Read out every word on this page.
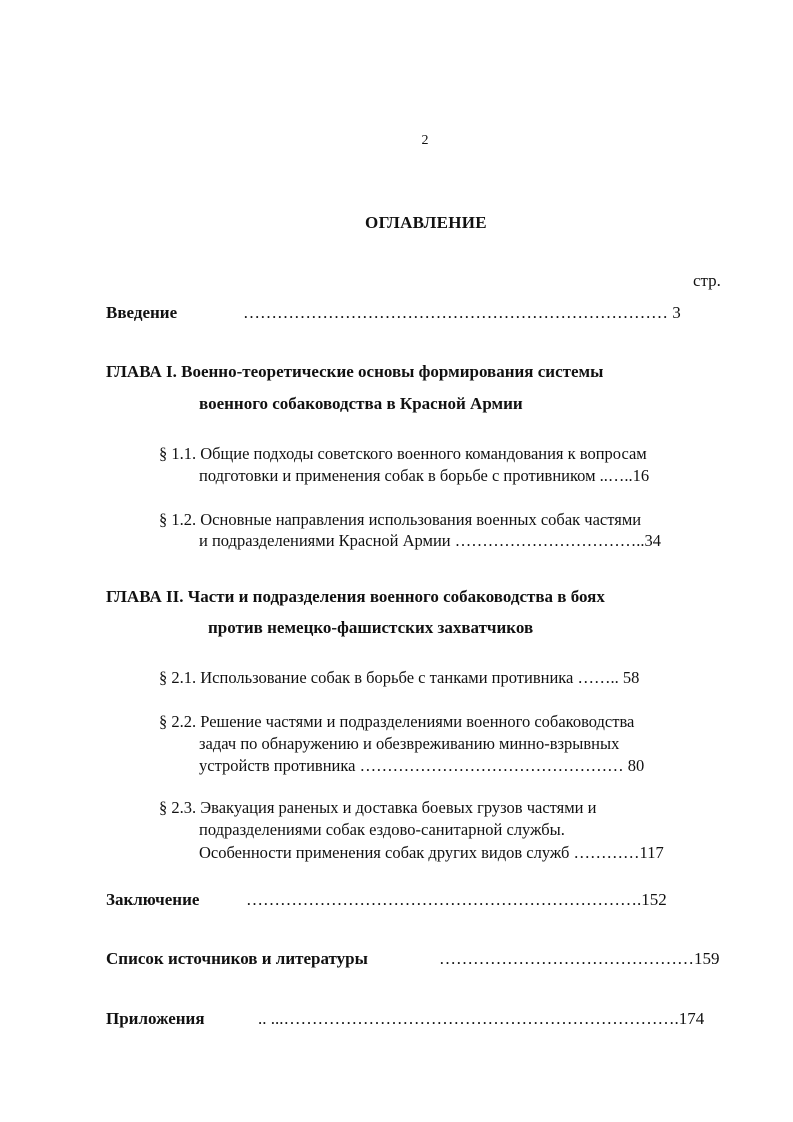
2
ОГЛАВЛЕНИЕ
стр.
Введение	………………………………………………………………… 3
ГЛАВА I. Военно-теоретические основы формирования системы
военного собаководства в Красной Армии
§ 1.1. Общие подходы советского военного командования к вопросам
подготовки и применения собак в борьбе с противником ..…..16
§ 1.2. Основные направления использования военных собак частями
и подразделениями Красной Армии ……………………………..34
ГЛАВА II. Части и подразделения военного собаководства в боях
против немецко-фашистских захватчиков
§ 2.1. Использование собак в борьбе с танками противника …….. 58
§ 2.2. Решение частями и подразделениями военного собаководства
задач по обнаружению и обезвреживанию минно-взрывных
устройств противника ………………………………………… 80
§ 2.3. Эвакуация раненых и доставка боевых грузов частями и
подразделениями собак ездово-санитарной службы.
Особенности применения собак других видов служб …………117
Заключение	…………………………………………………………….152
Список источников и литературы	………………………………………159
Приложения	.. ...…………………………………………………………….174
